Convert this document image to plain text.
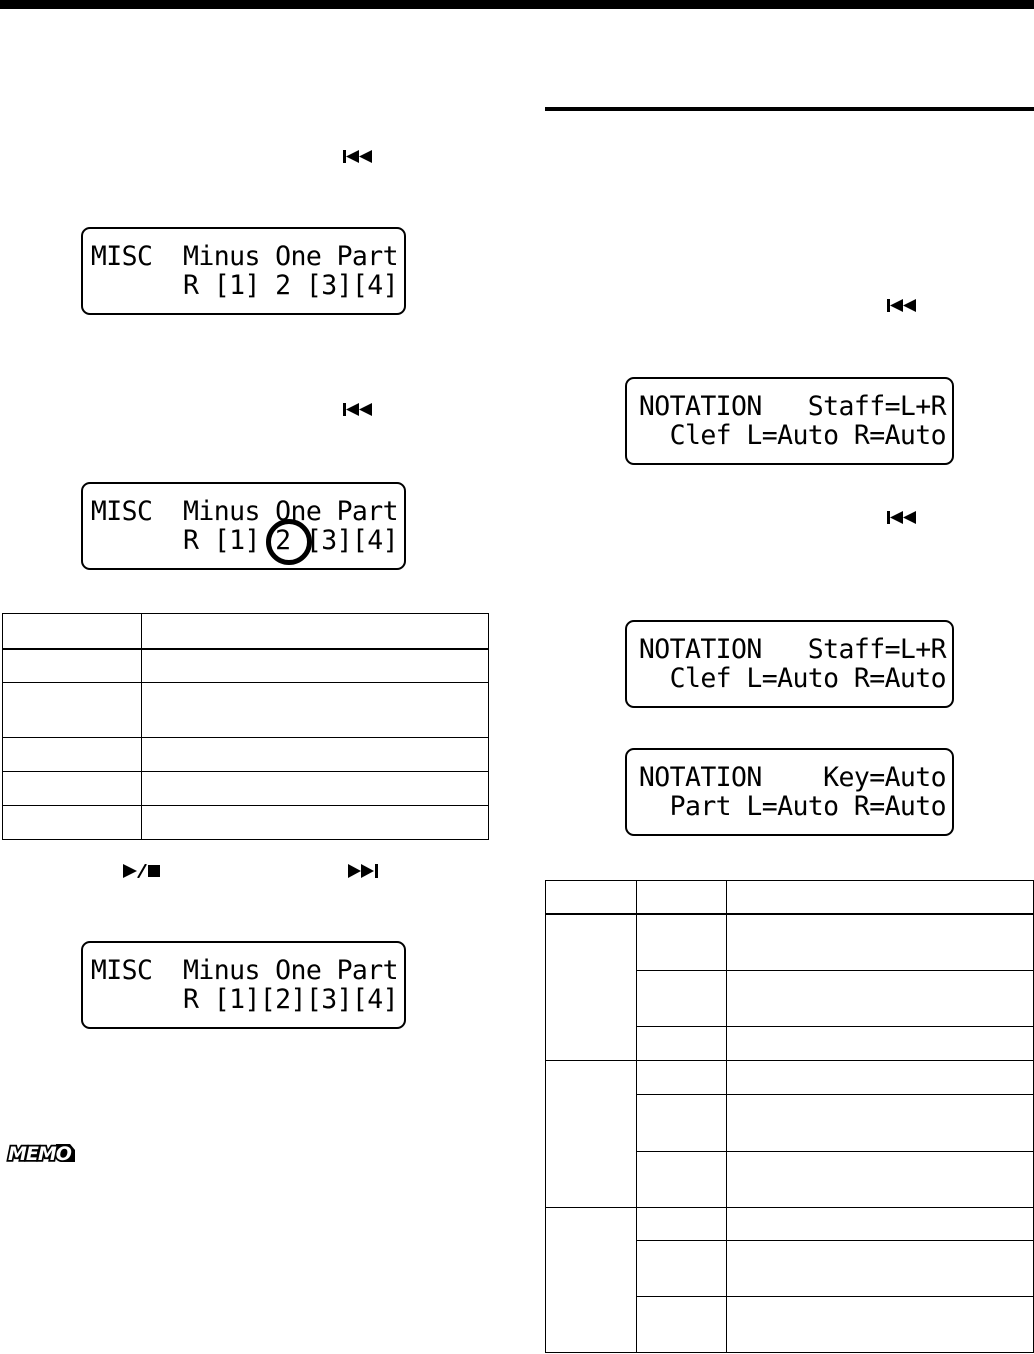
MISC  Minus One Part
R [1] 2 [3][4]
MISC  Minus One Part
R [1] 2 [3][4]
MISC  Minus One Part
R [1][2][3][4]
NOTATION   Staff=L+R
Clef L=Auto R=Auto
NOTATION   Staff=L+R
Clef L=Auto R=Auto
NOTATION    Key=Auto
Part L=Auto R=Auto

MEMO
